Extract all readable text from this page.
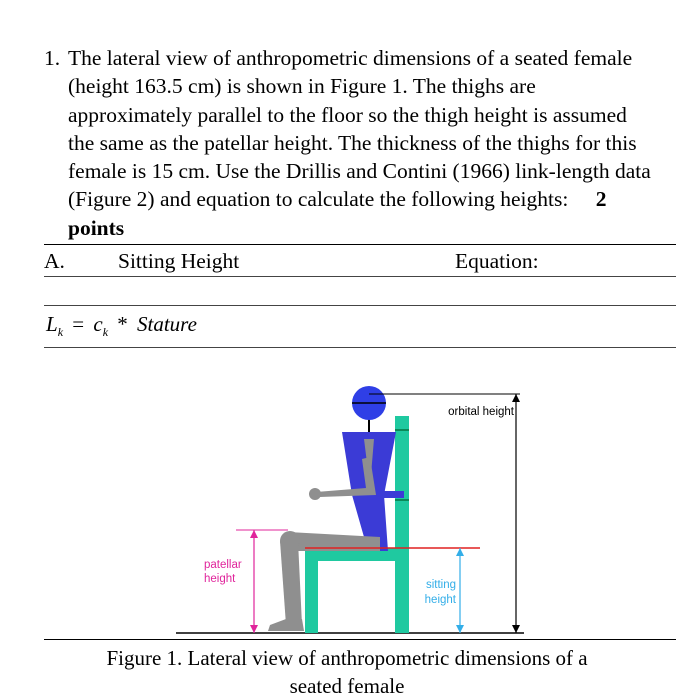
1. The lateral view of anthropometric dimensions of a seated female (height 163.5 cm) is shown in Figure 1. The thighs are approximately parallel to the floor so the thigh height is assumed the same as the patellar height. The thickness of the thighs for this female is 15 cm. Use the Drillis and Contini (1966) link-length data (Figure 2) and equation to calculate the following heights: 2 points
A. Sitting Height	Equation:
$L_k = c_k$ * Stature
orbital height
patellar
height	sitting
height
Figure 1. Lateral view of anthropometric dimensions of a
seated female
